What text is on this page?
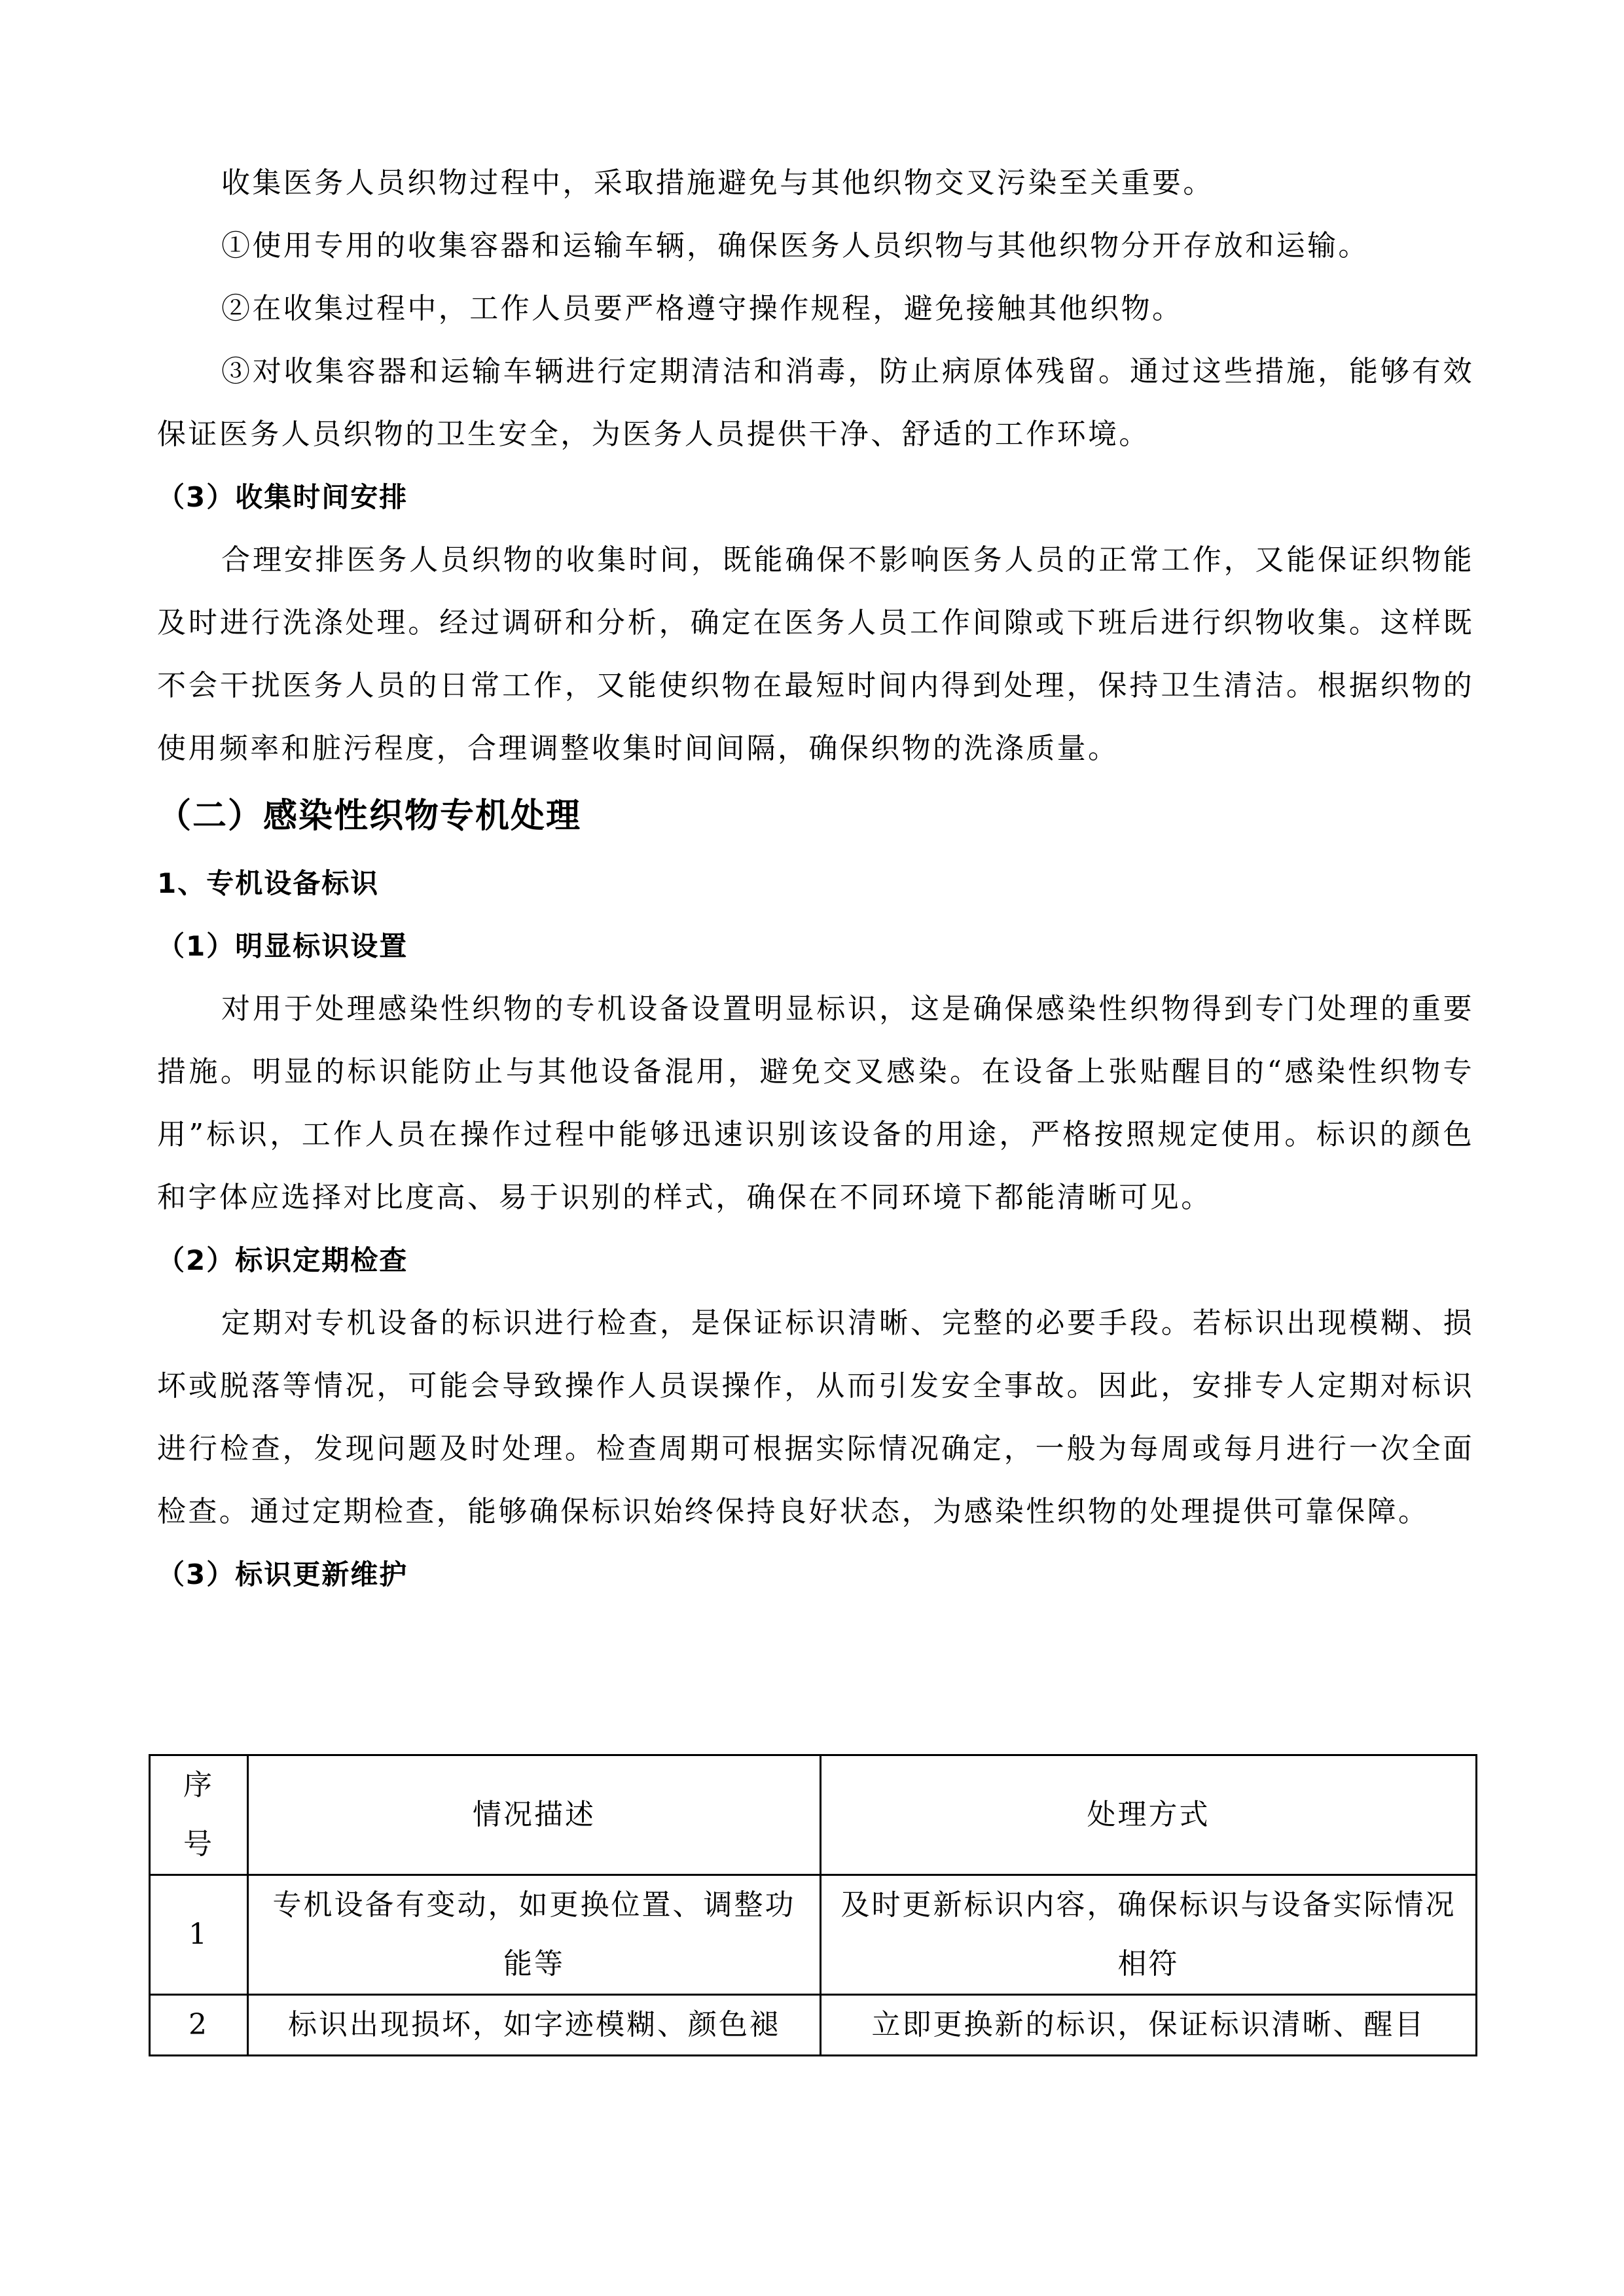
收集医务人员织物过程中，采取措施避免与其他织物交叉污染至关重要。

①使用专用的收集容器和运输车辆，确保医务人员织物与其他织物分开存放和运输。

②在收集过程中，工作人员要严格遵守操作规程，避免接触其他织物。

③对收集容器和运输车辆进行定期清洁和消毒，防止病原体残留。通过这些措施，能够有效保证医务人员织物的卫生安全，为医务人员提供干净、舒适的工作环境。

（3）收集时间安排

合理安排医务人员织物的收集时间，既能确保不影响医务人员的正常工作，又能保证织物能及时进行洗涤处理。经过调研和分析，确定在医务人员工作间隙或下班后进行织物收集。这样既不会干扰医务人员的日常工作，又能使织物在最短时间内得到处理，保持卫生清洁。根据织物的使用频率和脏污程度，合理调整收集时间间隔，确保织物的洗涤质量。

（二）感染性织物专机处理
1、专机设备标识
（1）明显标识设置

对用于处理感染性织物的专机设备设置明显标识，这是确保感染性织物得到专门处理的重要措施。明显的标识能防止与其他设备混用，避免交叉感染。在设备上张贴醒目的“感染性织物专用”标识，工作人员在操作过程中能够迅速识别该设备的用途，严格按照规定使用。标识的颜色和字体应选择对比度高、易于识别的样式，确保在不同环境下都能清晰可见。

（2）标识定期检查

定期对专机设备的标识进行检查，是保证标识清晰、完整的必要手段。若标识出现模糊、损坏或脱落等情况，可能会导致操作人员误操作，从而引发安全事故。因此，安排专人定期对标识进行检查，发现问题及时处理。检查周期可根据实际情况确定，一般为每周或每月进行一次全面检查。通过定期检查，能够确保标识始终保持良好状态，为感染性织物的处理提供可靠保障。

（3）标识更新维护
序号	情况描述	处理方式
1	专机设备有变动，如更换位置、调整功能等	及时更新标识内容，确保标识与设备实际情况相符
2	标识出现损坏，如字迹模糊、颜色褪	立即更换新的标识，保证标识清晰、醒目
